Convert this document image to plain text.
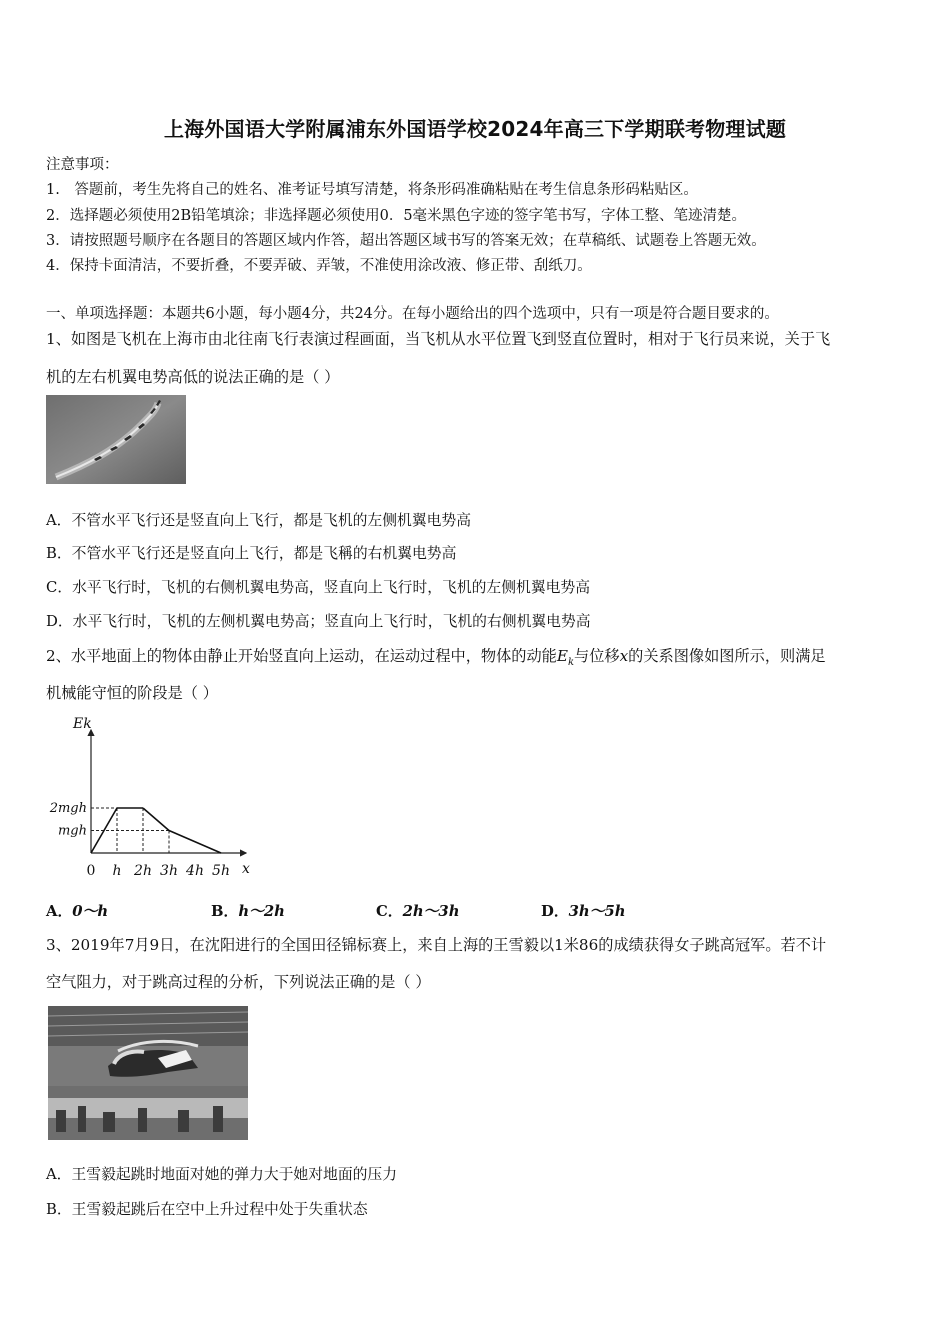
上海外国语大学附属浦东外国语学校2024年高三下学期联考物理试题
注意事项：
1.　答题前，考生先将自己的姓名、准考证号填写清楚，将条形码准确粘贴在考生信息条形码粘贴区。
2．选择题必须使用2B铅笔填涂；非选择题必须使用0．5毫米黑色字迹的签字笔书写，字体工整、笔迹清楚。
3．请按照题号顺序在各题目的答题区域内作答，超出答题区域书写的答案无效；在草稿纸、试题卷上答题无效。
4．保持卡面清洁，不要折叠，不要弄破、弄皱，不准使用涂改液、修正带、刮纸刀。
一、单项选择题：本题共6小题，每小题4分，共24分。在每小题给出的四个选项中，只有一项是符合题目要求的。
1、如图是飞机在上海市由北往南飞行表演过程画面，当飞机从水平位置飞到竖直位置时，相对于飞行员来说，关于飞
机的左右机翼电势高低的说法正确的是（ ）
A．不管水平飞行还是竖直向上飞行，都是飞机的左侧机翼电势高
B．不管水平飞行还是竖直向上飞行，都是飞稱的右机翼电势高
C．水平飞行时，飞机的右侧机翼电势高，竖直向上飞行时，飞机的左侧机翼电势高
D．水平飞行时，飞机的左侧机翼电势高；竖直向上飞行时，飞机的右侧机翼电势高
2、水平地面上的物体由静止开始竖直向上运动，在运动过程中，物体的动能$E_k$与位移x的关系图像如图所示，则满足
机械能守恒的阶段是（ ）
0 h 2h 3h 4h 5h
2mgh
mgh
Ek
x
A．0～h	B．h～2h	C．2h～3h	D．3h～5h
3、2019年7月9日，在沈阳进行的全国田径锦标赛上，来自上海的王雪毅以1米86的成绩获得女子跳高冠军。若不计
空气阻力，对于跳高过程的分析，下列说法正确的是（ ）
A．王雪毅起跳时地面对她的弹力大于她对地面的压力
B．王雪毅起跳后在空中上升过程中处于失重状态
